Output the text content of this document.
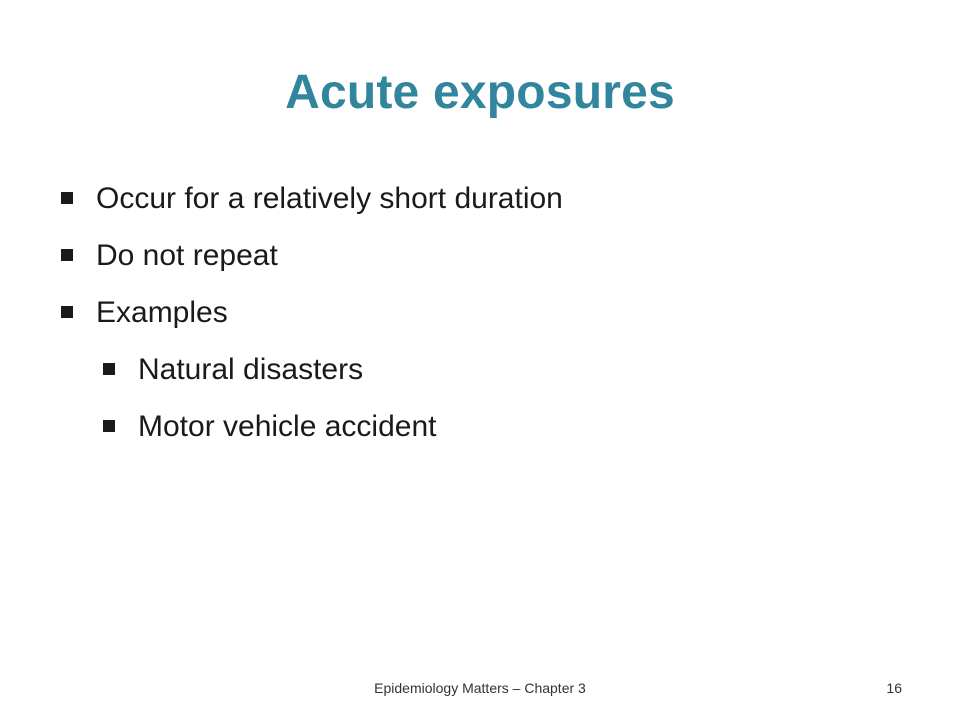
Acute exposures
Occur for a relatively short duration
Do not repeat
Examples
Natural disasters
Motor vehicle accident
Epidemiology Matters – Chapter 3	16
